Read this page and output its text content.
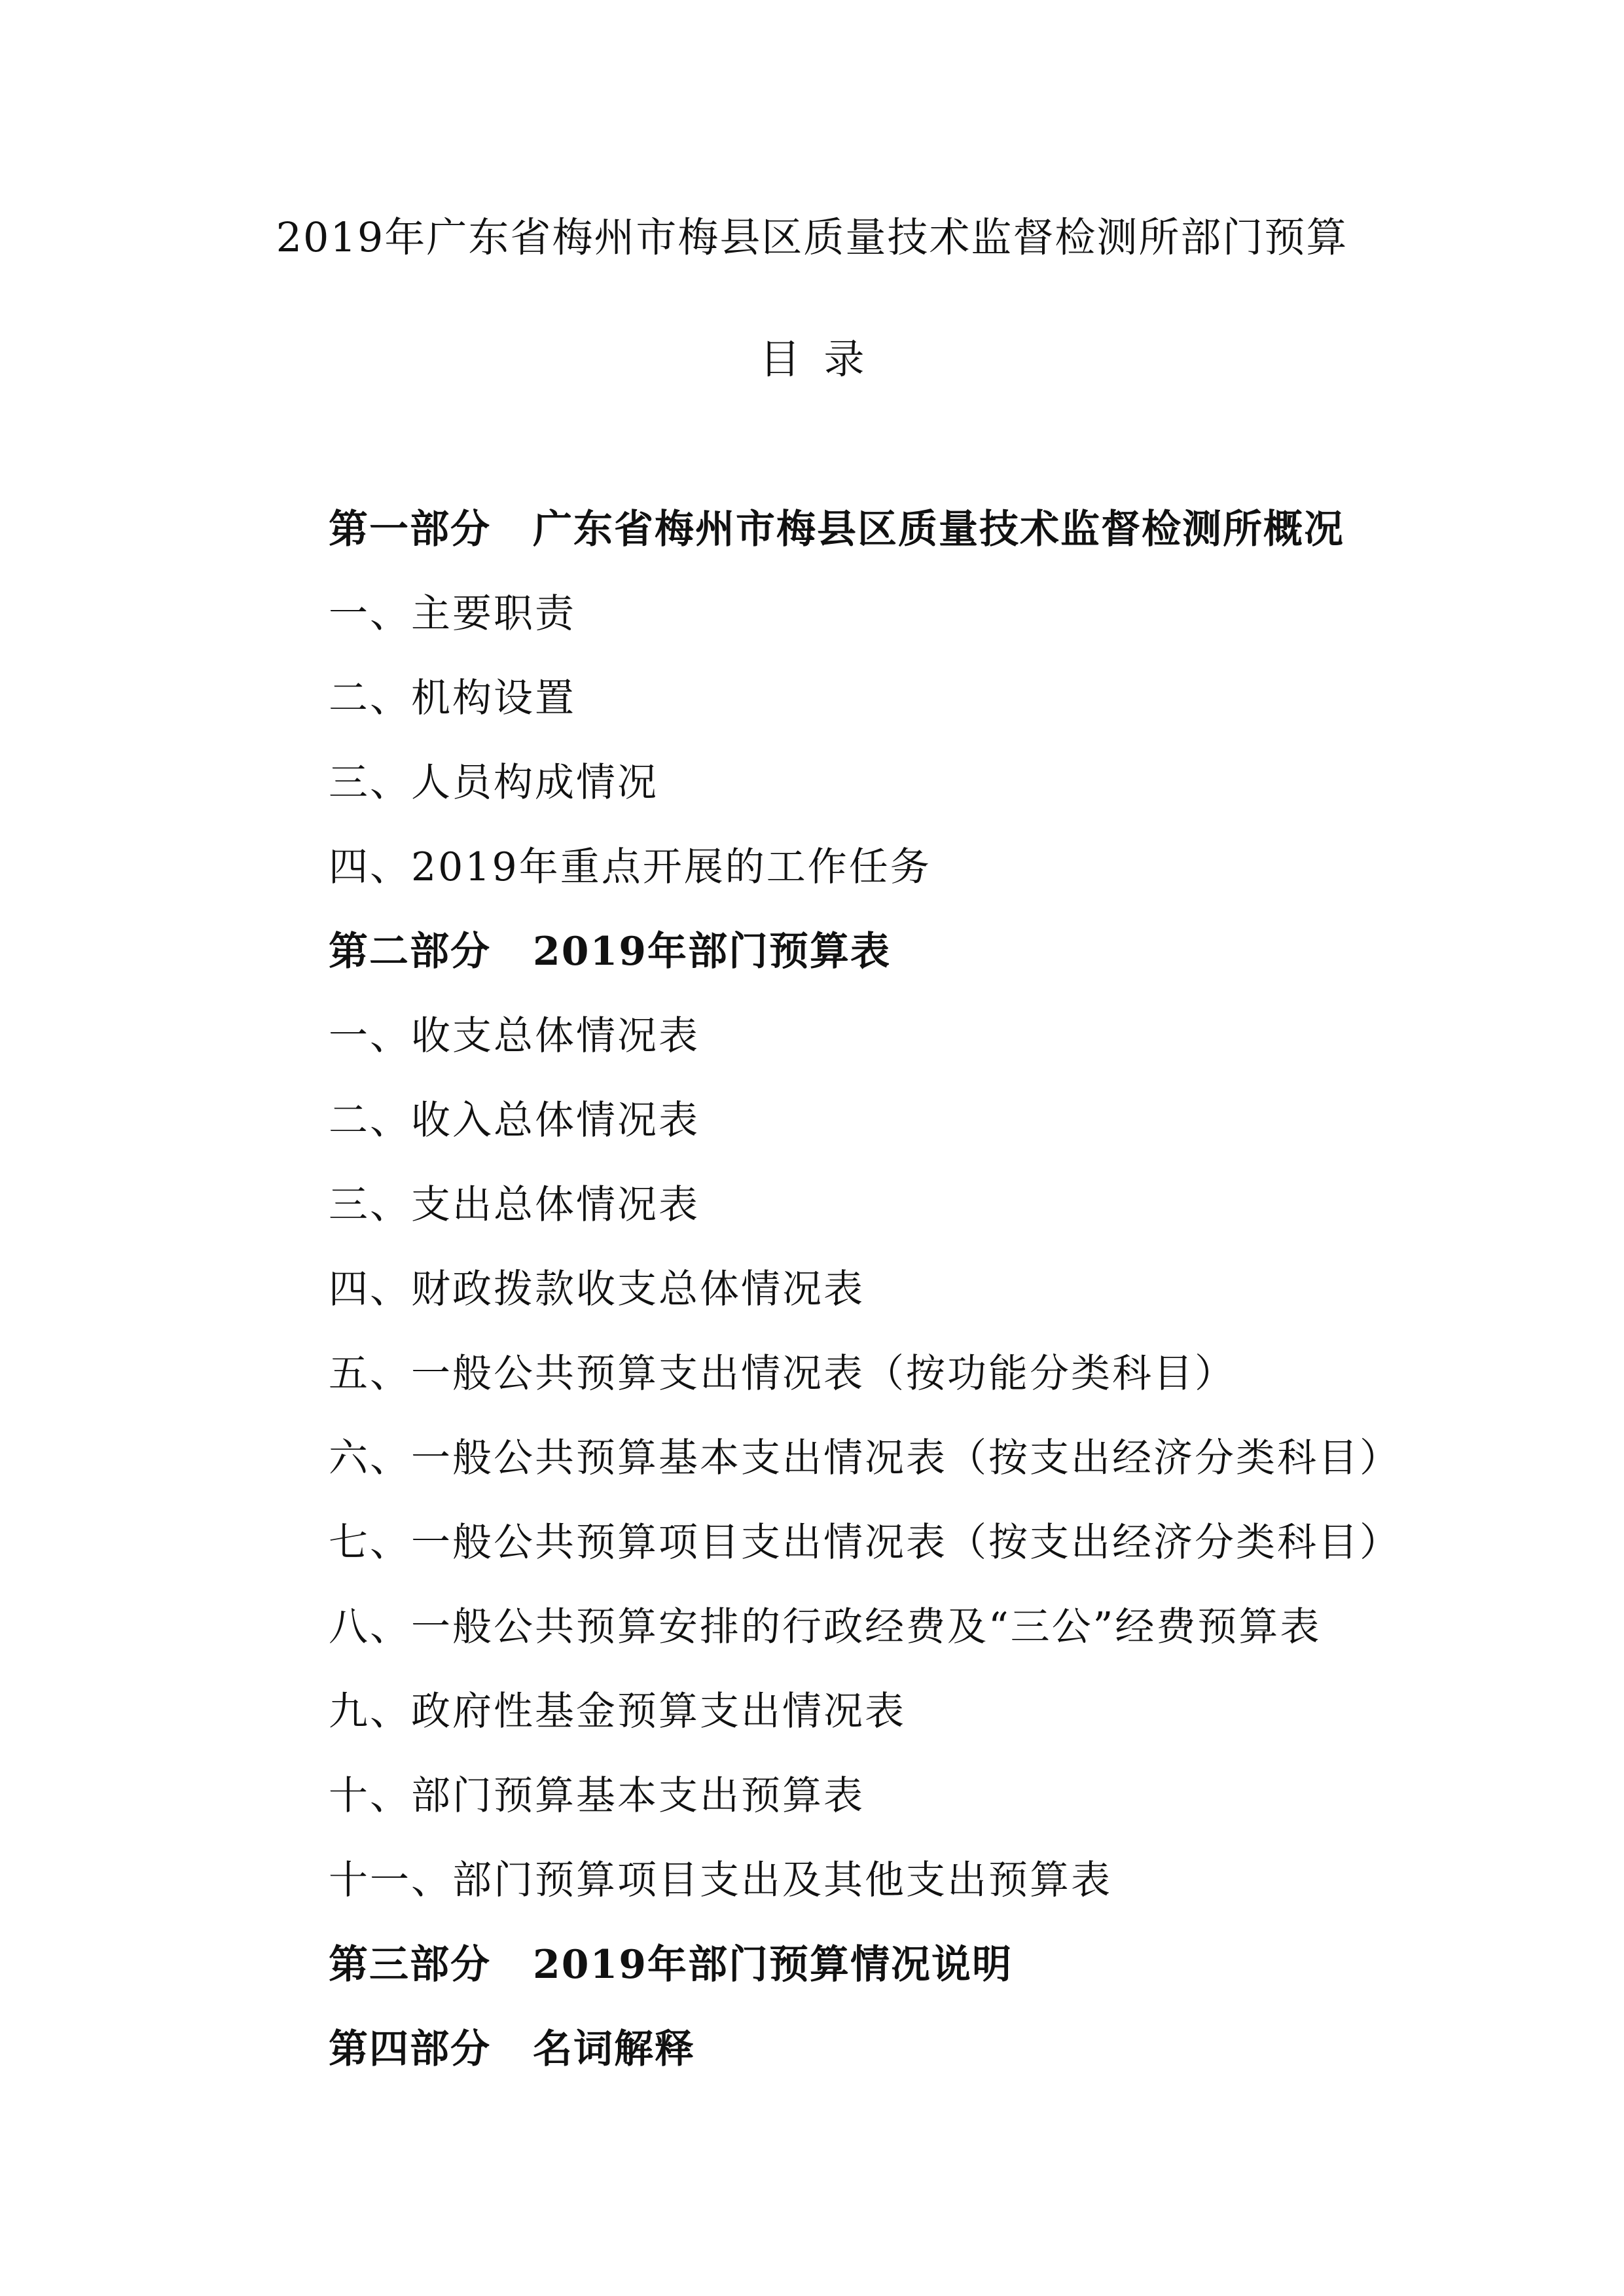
2019年广东省梅州市梅县区质量技术监督检测所部门预算
目录
第一部分 广东省梅州市梅县区质量技术监督检测所概况
一、主要职责
二、机构设置
三、人员构成情况
四、2019年重点开展的工作任务
第二部分 2019年部门预算表
一、收支总体情况表
二、收入总体情况表
三、支出总体情况表
四、财政拨款收支总体情况表
五、一般公共预算支出情况表（按功能分类科目）
六、一般公共预算基本支出情况表（按支出经济分类科目）
七、一般公共预算项目支出情况表（按支出经济分类科目）
八、一般公共预算安排的行政经费及“三公”经费预算表
九、政府性基金预算支出情况表
十、部门预算基本支出预算表
十一、部门预算项目支出及其他支出预算表
第三部分 2019年部门预算情况说明
第四部分 名词解释
